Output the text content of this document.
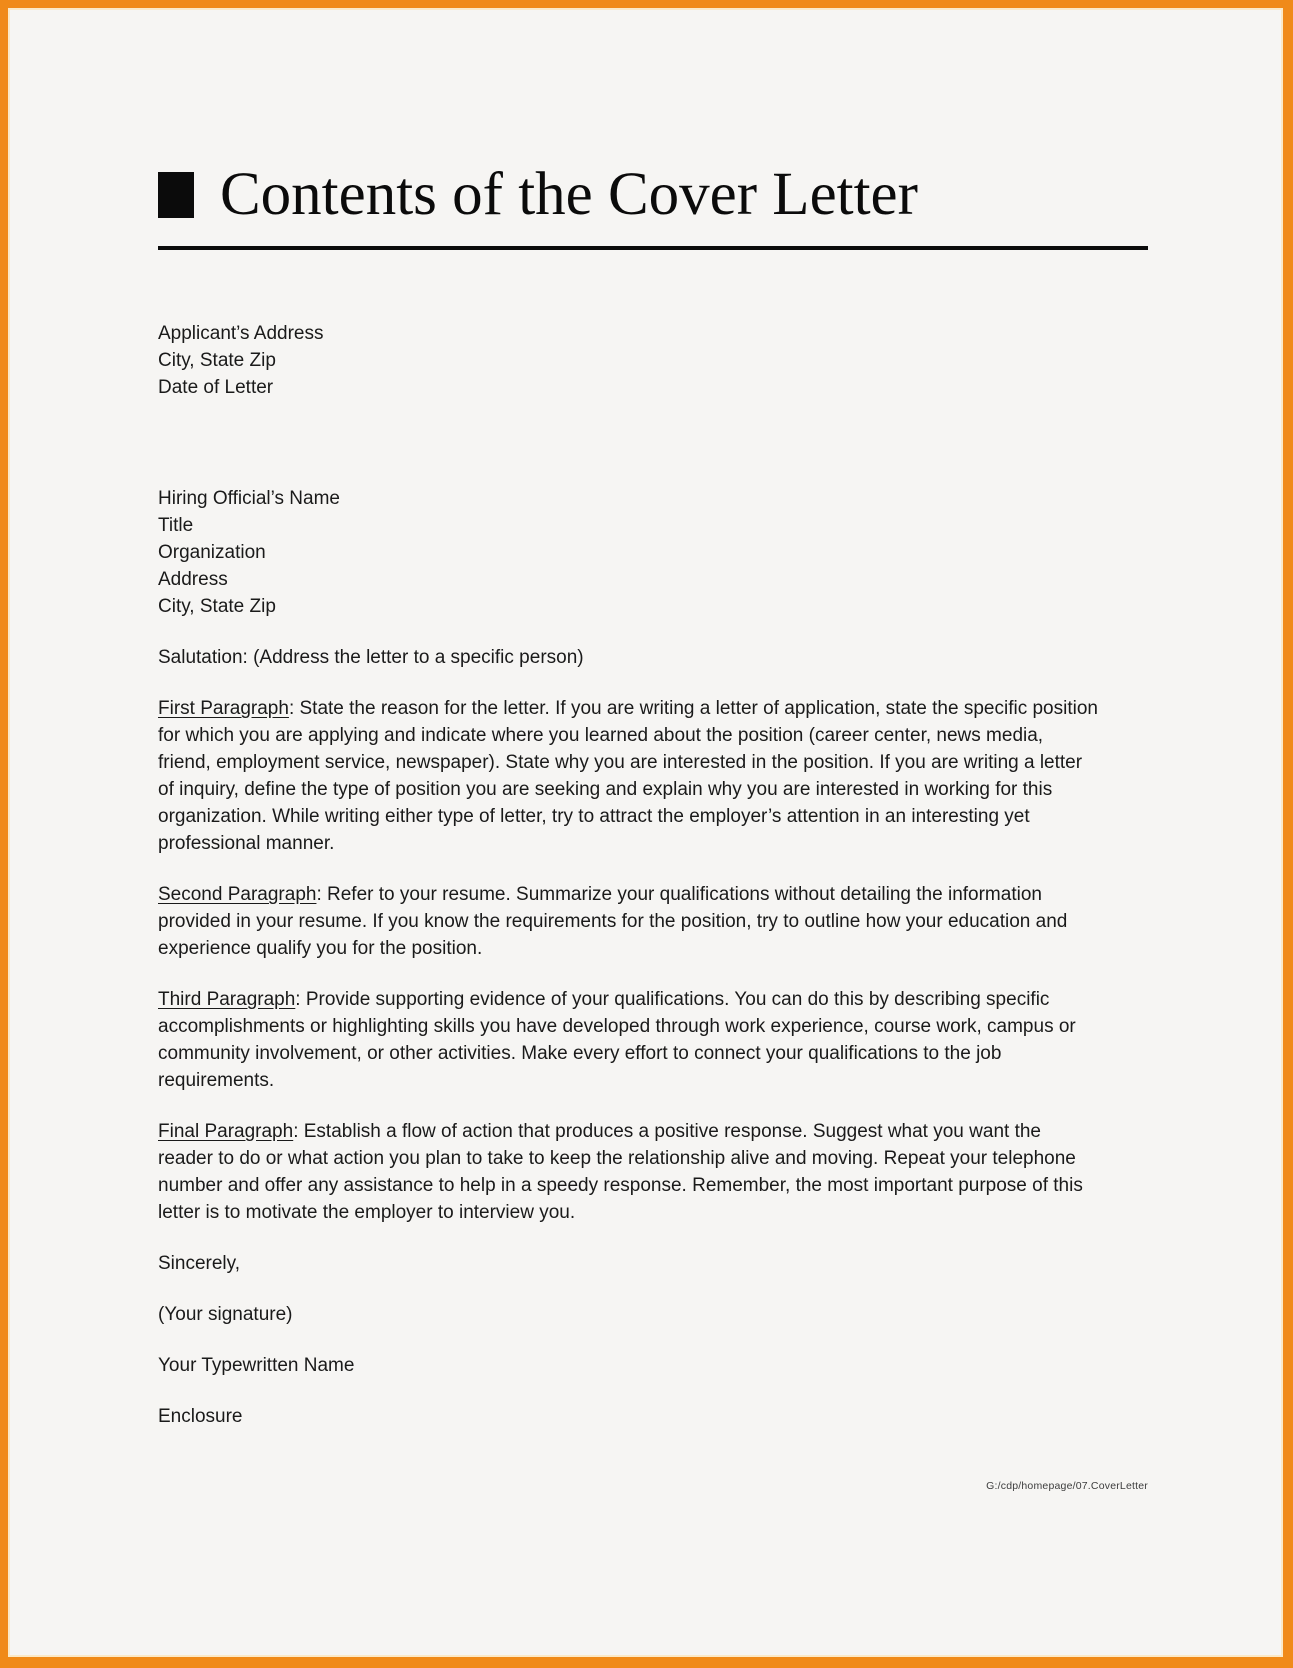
Contents of the Cover Letter
Applicant’s Address
City, State Zip
Date of Letter
Hiring Official’s Name
Title
Organization
Address
City, State Zip
Salutation: (Address the letter to a specific person)

First Paragraph: State the reason for the letter. If you are writing a letter of application, state the specific position for which you are applying and indicate where you learned about the position (career center, news media, friend, employment service, newspaper). State why you are interested in the position. If you are writing a letter of inquiry, define the type of position you are seeking and explain why you are interested in working for this organization. While writing either type of letter, try to attract the employer’s attention in an interesting yet professional manner.

Second Paragraph: Refer to your resume. Summarize your qualifications without detailing the information provided in your resume. If you know the requirements for the position, try to outline how your education and experience qualify you for the position.

Third Paragraph: Provide supporting evidence of your qualifications. You can do this by describing specific accomplishments or highlighting skills you have developed through work experience, course work, campus or community involvement, or other activities. Make every effort to connect your qualifications to the job requirements.

Final Paragraph: Establish a flow of action that produces a positive response. Suggest what you want the reader to do or what action you plan to take to keep the relationship alive and moving. Repeat your telephone number and offer any assistance to help in a speedy response. Remember, the most important purpose of this letter is to motivate the employer to interview you.

Sincerely,
(Your signature)
Your Typewritten Name
Enclosure
G:/cdp/homepage/07.CoverLetter
